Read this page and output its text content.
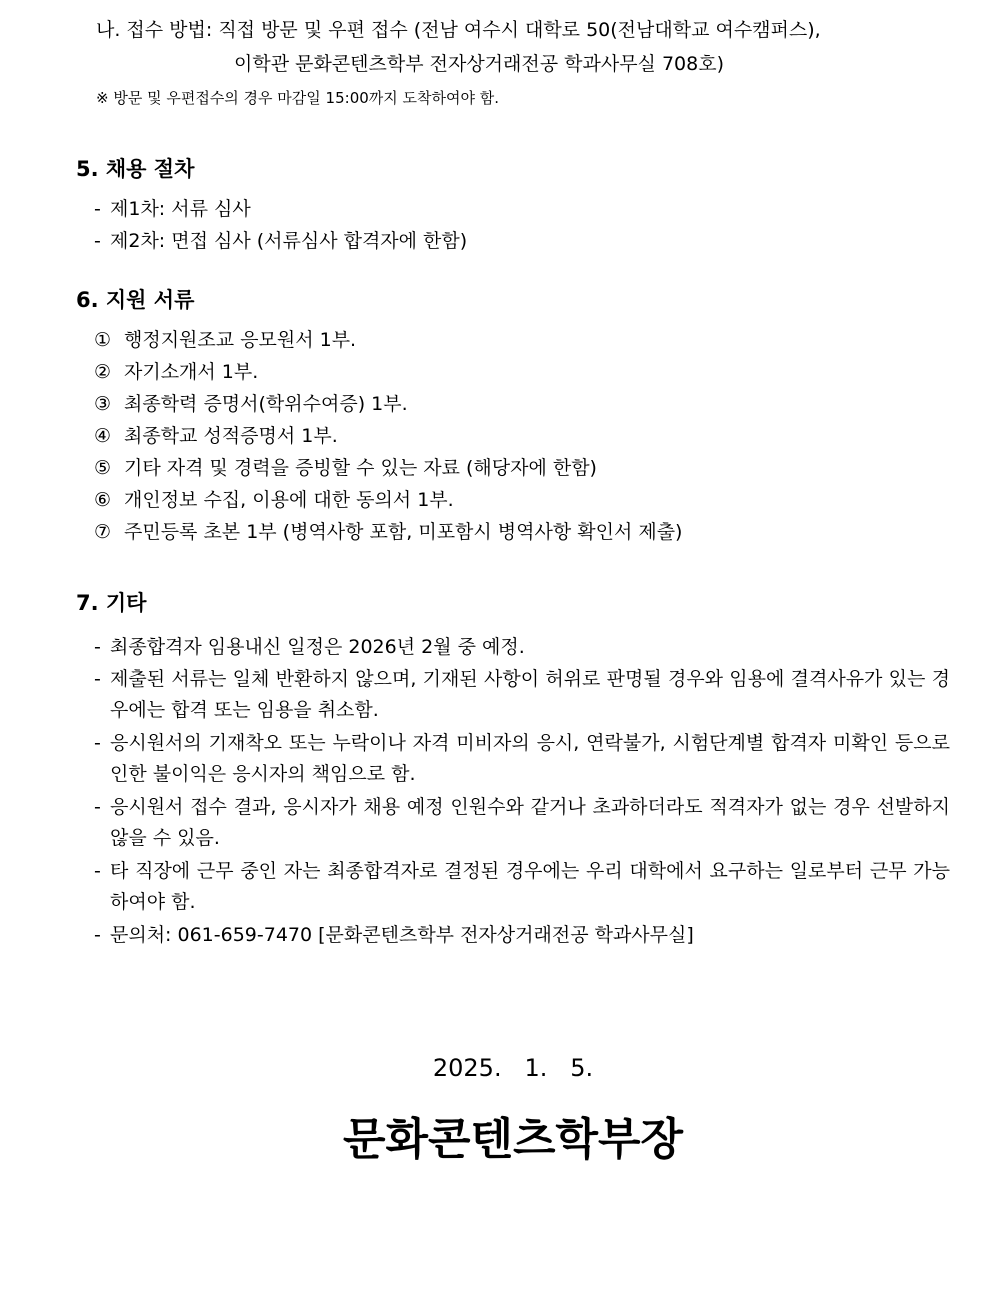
나. 접수 방법: 직접 방문 및 우편 접수 (전남 여수시 대학로 50(전남대학교 여수캠퍼스),
이학관 문화콘텐츠학부 전자상거래전공 학과사무실 708호)
※ 방문 및 우편접수의 경우 마감일 15:00까지 도착하여야 함.
5. 채용 절차
- 제1차: 서류 심사
- 제2차: 면접 심사 (서류심사 합격자에 한함)
6. 지원 서류
① 행정지원조교 응모원서 1부.
② 자기소개서 1부.
③ 최종학력 증명서(학위수여증) 1부.
④ 최종학교 성적증명서 1부.
⑤ 기타 자격 및 경력을 증빙할 수 있는 자료 (해당자에 한함)
⑥ 개인정보 수집, 이용에 대한 동의서 1부.
⑦ 주민등록 초본 1부 (병역사항 포함, 미포함시 병역사항 확인서 제출)
7. 기타
- 최종합격자 임용내신 일정은 2026년 2월 중 예정.
- 제출된 서류는 일체 반환하지 않으며, 기재된 사항이 허위로 판명될 경우와 임용에 결격사유가 있는 경우에는 합격 또는 임용을 취소함.
- 응시원서의 기재착오 또는 누락이나 자격 미비자의 응시, 연락불가, 시험단계별 합격자 미확인 등으로 인한 불이익은 응시자의 책임으로 함.
- 응시원서 접수 결과, 응시자가 채용 예정 인원수와 같거나 초과하더라도 적격자가 없는 경우 선발하지 않을 수 있음.
- 타 직장에 근무 중인 자는 최종합격자로 결정된 경우에는 우리 대학에서 요구하는 일로부터 근무 가능하여야 함.
- 문의처: 061-659-7470 [문화콘텐츠학부 전자상거래전공 학과사무실]
2025.   1.   5.
문화콘텐츠학부장
